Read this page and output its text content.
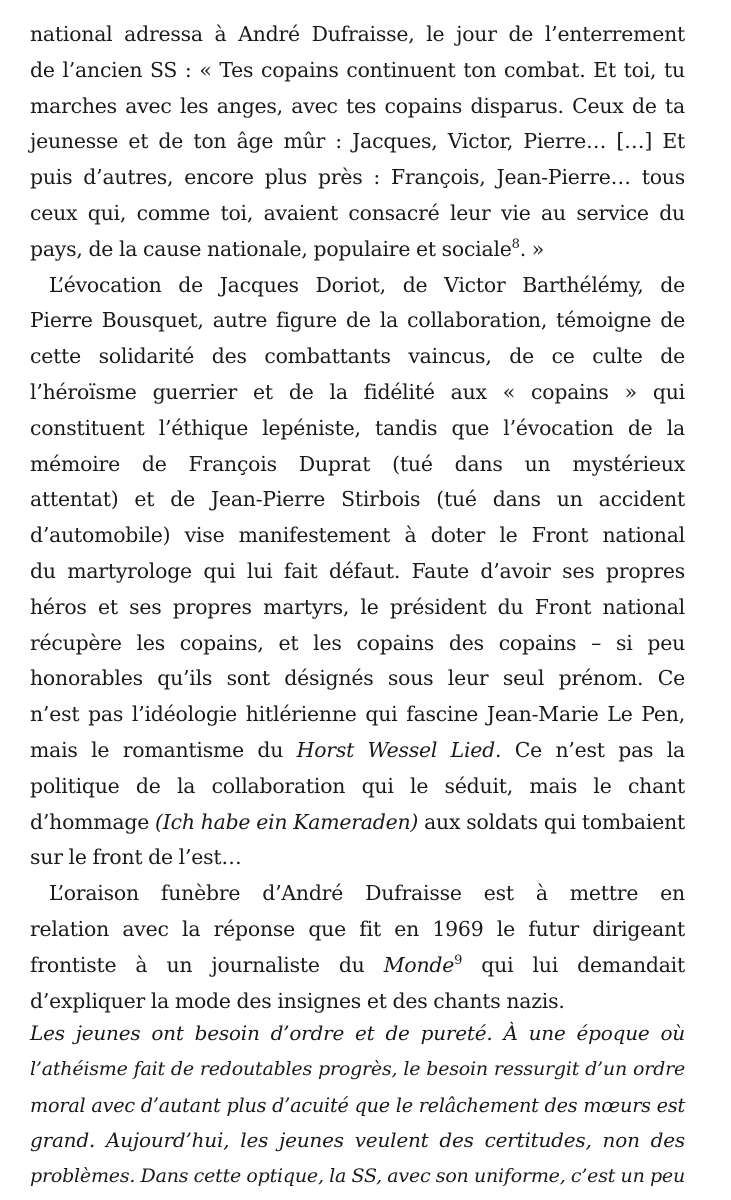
national adressa à André Dufraisse, le jour de l’enterrement
de l’ancien SS : « Tes copains continuent ton combat. Et toi, tu
marches avec les anges, avec tes copains disparus. Ceux de ta
jeunesse et de ton âge mûr : Jacques, Victor, Pierre… […] Et
puis d’autres, encore plus près : François, Jean-Pierre… tous
ceux qui, comme toi, avaient consacré leur vie au service du
pays, de la cause nationale, populaire et sociale$^8$. »
L’évocation de Jacques Doriot, de Victor Barthélémy, de
Pierre Bousquet, autre figure de la collaboration, témoigne de
cette solidarité des combattants vaincus, de ce culte de
l’héroïsme guerrier et de la fidélité aux « copains » qui
constituent l’éthique lepéniste, tandis que l’évocation de la
mémoire de François Duprat (tué dans un mystérieux
attentat) et de Jean-Pierre Stirbois (tué dans un accident
d’automobile) vise manifestement à doter le Front national
du martyrologe qui lui fait défaut. Faute d’avoir ses propres
héros et ses propres martyrs, le président du Front national
récupère les copains, et les copains des copains – si peu
honorables qu’ils sont désignés sous leur seul prénom. Ce
n’est pas l’idéologie hitlérienne qui fascine Jean-Marie Le Pen,
mais le romantisme du Horst Wessel Lied. Ce n’est pas la
politique de la collaboration qui le séduit, mais le chant
d’hommage (Ich habe ein Kameraden) aux soldats qui tombaient
sur le front de l’est…
L’oraison funèbre d’André Dufraisse est à mettre en
relation avec la réponse que fit en 1969 le futur dirigeant
frontiste à un journaliste du Monde$^9$ qui lui demandait
d’expliquer la mode des insignes et des chants nazis.
Les jeunes ont besoin d’ordre et de pureté. À une époque où
l’athéisme fait de redoutables progrès, le besoin ressurgit d’un ordre
moral avec d’autant plus d’acuité que le relâchement des mœurs est
grand. Aujourd’hui, les jeunes veulent des certitudes, non des
problèmes. Dans cette optique, la SS, avec son uniforme, c’est un peu
